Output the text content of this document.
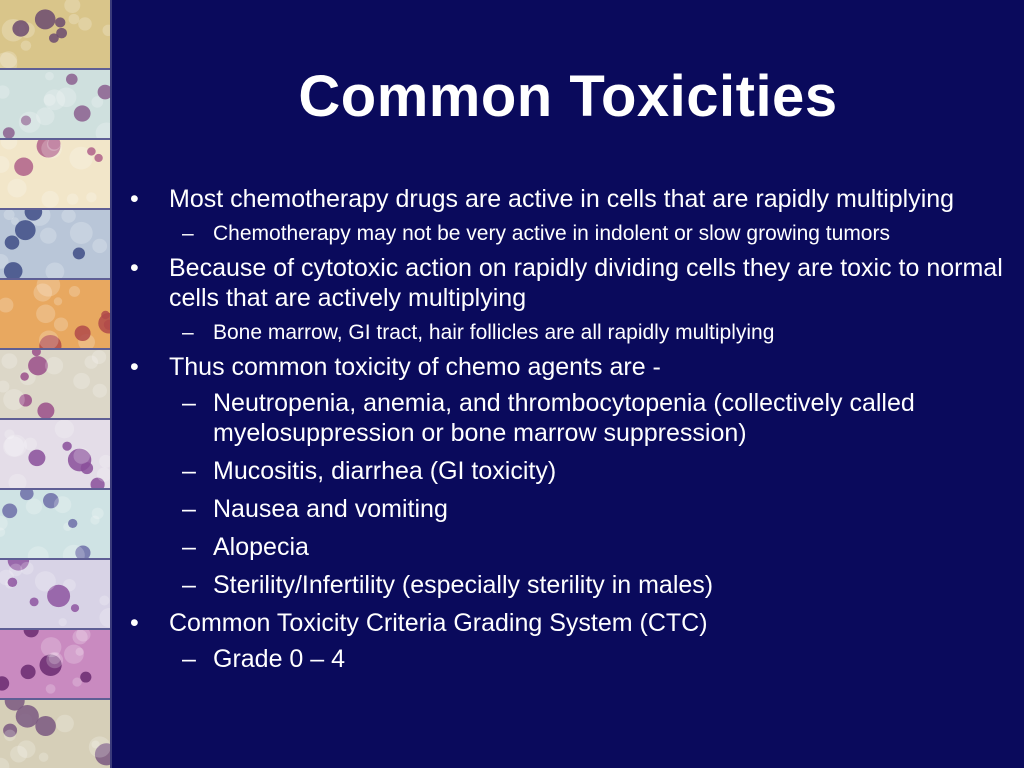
Common Toxicities
• Most chemotherapy drugs are active in cells that are rapidly multiplying
– Chemotherapy may not be very active in indolent or slow growing tumors
• Because of cytotoxic action on rapidly dividing cells they are toxic to normal cells that are actively multiplying
– Bone marrow, GI tract, hair follicles are all rapidly multiplying
• Thus common toxicity of chemo agents are -
– Neutropenia, anemia, and thrombocytopenia (collectively called myelosuppression or bone marrow suppression)
– Mucositis, diarrhea (GI toxicity)
– Nausea and vomiting
– Alopecia
– Sterility/Infertility (especially sterility in males)
• Common Toxicity Criteria Grading System (CTC)
– Grade 0 – 4
